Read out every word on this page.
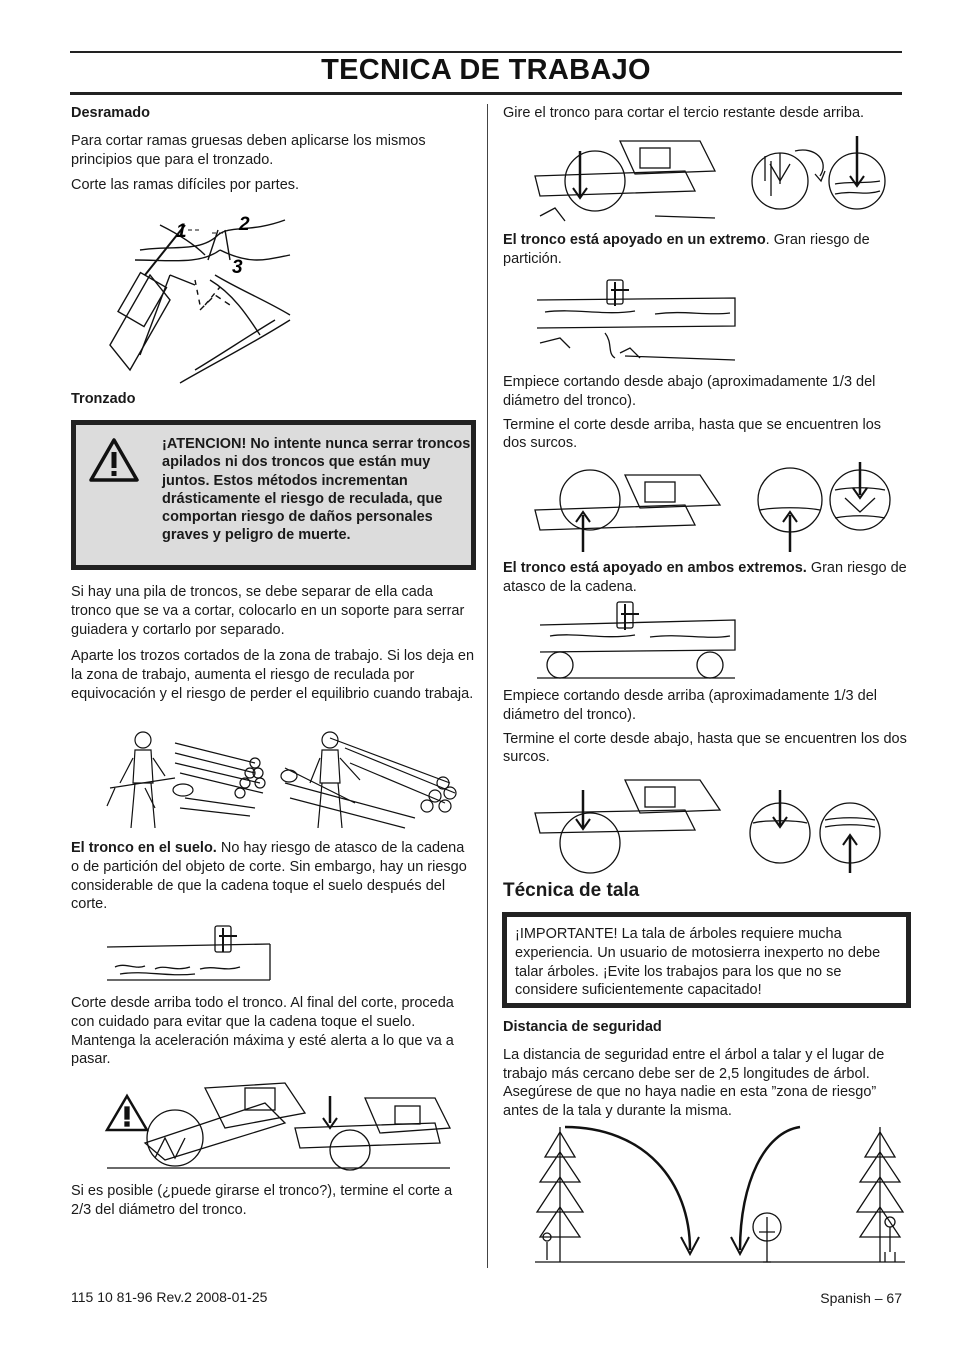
TECNICA DE TRABAJO

Desramado

Para cortar ramas gruesas deben aplicarse los mismos principios que para el tronzado.

Corte las ramas difíciles por partes.

1	2
3

Tronzado

¡ATENCION! No intente nunca serrar troncos apilados ni dos troncos que están muy juntos. Estos métodos incrementan drásticamente el riesgo de reculada, que comportan riesgo de daños personales graves y peligro de muerte.

Si hay una pila de troncos, se debe separar de ella cada tronco que se va a cortar, colocarlo en un soporte para serrar guiadera y cortarlo por separado.

Aparte los trozos cortados de la zona de trabajo. Si los deja en la zona de trabajo, aumenta el riesgo de reculada por equivocación y el riesgo de perder el equilibrio cuando trabaja.

El tronco en el suelo. No hay riesgo de atasco de la cadena o de partición del objeto de corte. Sin embargo, hay un riesgo considerable de que la cadena toque el suelo después del corte.

Corte desde arriba todo el tronco. Al final del corte, proceda con cuidado para evitar que la cadena toque el suelo. Mantenga la aceleración máxima y esté alerta a lo que va a pasar.

Si es posible (¿puede girarse el tronco?), termine el corte a 2/3 del diámetro del tronco.

Gire el tronco para cortar el tercio restante desde arriba.

El tronco está apoyado en un extremo. Gran riesgo de partición.

Empiece cortando desde abajo (aproximadamente 1/3 del diámetro del tronco).

Termine el corte desde arriba, hasta que se encuentren los dos surcos.

El tronco está apoyado en ambos extremos. Gran riesgo de atasco de la cadena.

Empiece cortando desde arriba (aproximadamente 1/3 del diámetro del tronco).

Termine el corte desde abajo, hasta que se encuentren los dos surcos.

Técnica de tala
¡IMPORTANTE! La tala de árboles requiere mucha experiencia. Un usuario de motosierra inexperto no debe talar árboles. ¡Evite los trabajos para los que no se considere suficientemente capacitado!

Distancia de seguridad

La distancia de seguridad entre el árbol a talar y el lugar de trabajo más cercano debe ser de 2,5 longitudes de árbol. Asegúrese de que no haya nadie en esta ”zona de riesgo” antes de la tala y durante la misma.

115 10 81-96 Rev.2 2008-01-25	Spanish – 67
